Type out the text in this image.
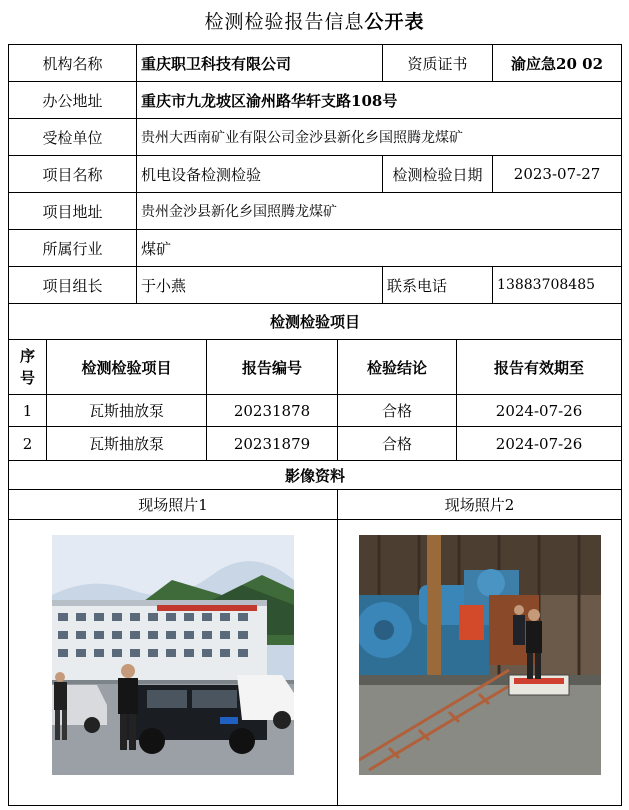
检测检验报告信息公开表
机构名称		重庆职卫科技有限公司			资质证书		渝应急20 02
办公地址		重庆市九龙坡区渝州路华轩支路108号					
受检单位		贵州大西南矿业有限公司金沙县新化乡国照腾龙煤矿					
项目名称		机电设备检测检验			检测检验日期		2023-07-27
项目地址		贵州金沙县新化乡国照腾龙煤矿					
所属行业		煤矿					
项目组长		于小燕			联系电话		13883708485
检测检验项目							
序号	检测检验项目		报告编号	检验结论		报告有效期至	
1	瓦斯抽放泵		20231878	合格		2024-07-26	
2	瓦斯抽放泵		20231879	合格		2024-07-26	
影像资料							
现场照片1				现场照片2			
